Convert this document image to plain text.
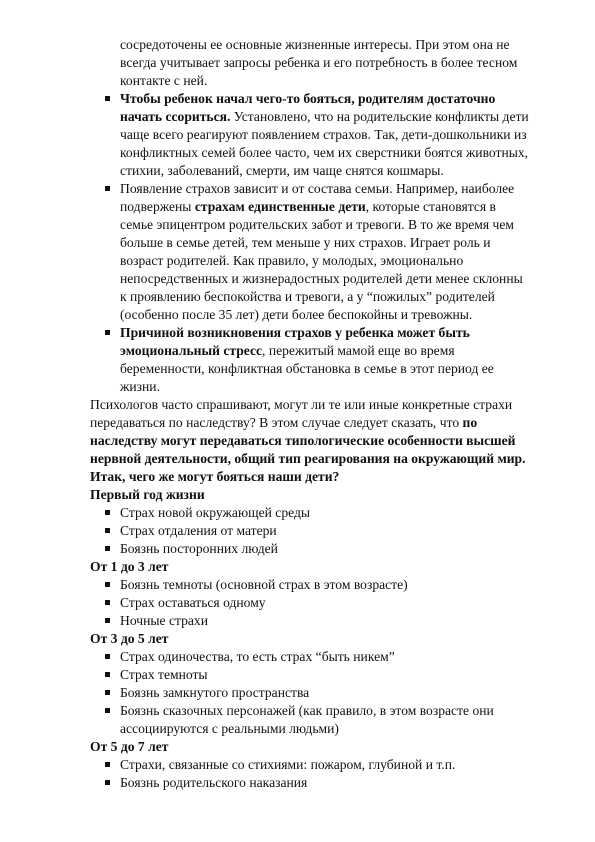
сосредоточены ее основные жизненные интересы. При этом она не всегда учитывает запросы ребенка и его потребность в более тесном контакте с ней.

Чтобы ребенок начал чего-то бояться, родителям достаточно начать ссориться. Установлено, что на родительские конфликты дети чаще всего реагируют появлением страхов. Так, дети-дошкольники из конфликтных семей более часто, чем их сверстники боятся животных, стихии, заболеваний, смерти, им чаще снятся кошмары.

Появление страхов зависит и от состава семьи. Например, наиболее подвержены страхам единственные дети, которые становятся в семье эпицентром родительских забот и тревоги. В то же время чем больше в семье детей, тем меньше у них страхов. Играет роль и возраст родителей. Как правило, у молодых, эмоционально непосредственных и жизнерадостных родителей дети менее склонны к проявлению беспокойства и тревоги, а у “пожилых” родителей (особенно после 35 лет) дети более беспокойны и тревожны.

Причиной возникновения страхов у ребенка может быть эмоциональный стресс, пережитый мамой еще во время беременности, конфликтная обстановка в семье в этот период ее жизни.

Психологов часто спрашивают, могут ли те или иные конкретные страхи передаваться по наследству? В этом случае следует сказать, что по наследству могут передаваться типологические особенности высшей нервной деятельности, общий тип реагирования на окружающий мир.

Итак, чего же могут бояться наши дети?

Первый год жизни

Страх новой окружающей среды

Страх отдаления от матери

Боязнь посторонних людей

От 1 до 3 лет

Боязнь темноты (основной страх в этом возрасте)

Страх оставаться одному

Ночные страхи

От 3 до 5 лет

Страх одиночества, то есть страх “быть никем”

Страх темноты

Боязнь замкнутого пространства

Боязнь сказочных персонажей (как правило, в этом возрасте они ассоциируются с реальными людьми)

От 5 до 7 лет

Страхи, связанные со стихиями: пожаром, глубиной и т.п.

Боязнь родительского наказания
